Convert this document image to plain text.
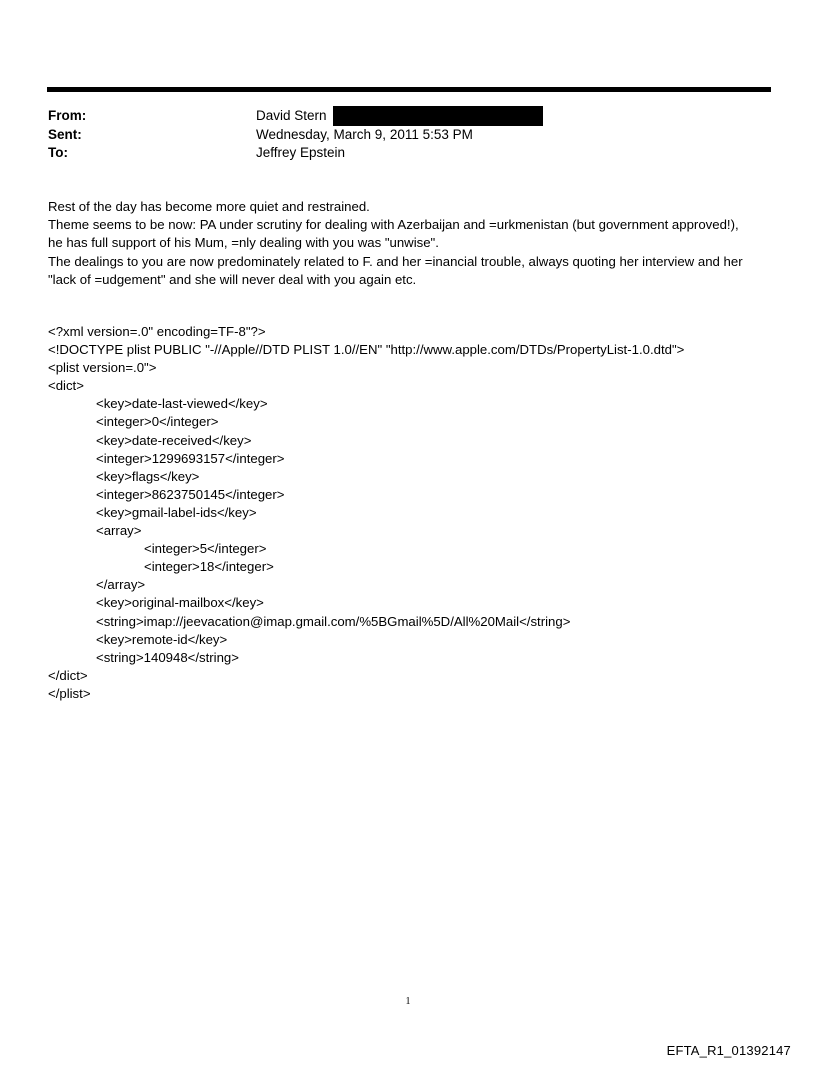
From:	David Stern
Sent:	Wednesday, March 9, 2011 5:53 PM
To:	Jeffrey Epstein

Rest of the day has become more quiet and restrained.

Theme seems to be now: PA under scrutiny for dealing with Azerbaijan and =urkmenistan (but government approved!),

he has full support of his Mum, =nly dealing with you was "unwise".

The dealings to you are now predominately related to F. and her =inancial trouble, always quoting her interview and her

"lack of =udgement" and she will never deal with you again etc.

<?xml version=.0" encoding=TF-8"?>
<!DOCTYPE plist PUBLIC "-//Apple//DTD PLIST 1.0//EN" "http://www.apple.com/DTDs/PropertyList-1.0.dtd">
<plist version=.0">
<dict>
<key>date-last-viewed</key>
<integer>0</integer>
<key>date-received</key>
<integer>1299693157</integer>
<key>flags</key>
<integer>8623750145</integer>
<key>gmail-label-ids</key>
<array>
<integer>5</integer>
<integer>18</integer>
</array>
<key>original-mailbox</key>
<string>imap://jeevacation@imap.gmail.com/%5BGmail%5D/All%20Mail</string>
<key>remote-id</key>
<string>140948</string>
</dict>
</plist>
1
EFTA_R1_01392147
